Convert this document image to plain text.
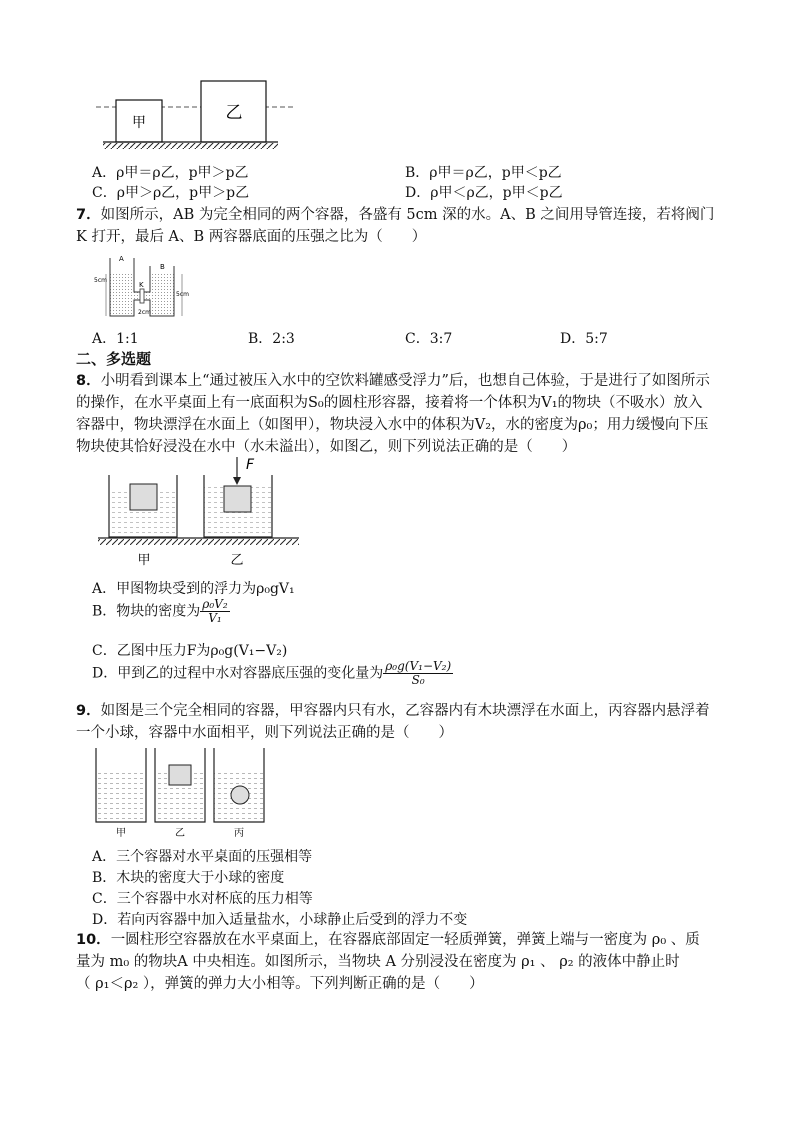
甲	乙
A．ρ甲＝ρ乙，p甲＞p乙	B．ρ甲＝ρ乙，p甲＜p乙
C．ρ甲＞ρ乙，p甲＞p乙	D．ρ甲＜ρ乙，p甲＜p乙
7．如图所示，AB 为完全相同的两个容器，各盛有 5cm 深的水。A、B 之间用导管连接，若将阀门 K 打开，最后 A、B 两容器底面的压强之比为（　　）
A
B
K
5cm
5cm
2cm
A．1:1	B．2:3	C．3:7	D．5:7
二、多选题
8．小明看到课本上“通过被压入水中的空饮料罐感受浮力”后，也想自己体验，于是进行了如图所示
的操作，在水平桌面上有一底面积为S₀的圆柱形容器，接着将一个体积为V₁的物块（不吸水）放入
容器中，物块漂浮在水面上（如图甲），物块浸入水中的体积为V₂，水的密度为ρ₀；用力缓慢向下压
物块使其恰好浸没在水中（水未溢出），如图乙，则下列说法正确的是（　　）
F
甲	乙
A．甲图物块受到的浮力为ρ₀gV₁
B．物块的密度为 $\frac{\text{ρ₀V₂}}{\text{V₁}}$
C．乙图中压力F为ρ₀g(V₁−V₂)
D．甲到乙的过程中水对容器底压强的变化量为 $\frac{\text{ρ₀g(V₁−V₂)}}{\text{S₀}}$
9．如图是三个完全相同的容器，甲容器内只有水，乙容器内有木块漂浮在水面上，丙容器内悬浮着
一个小球，容器中水面相平，则下列说法正确的是（　　）
甲	乙	丙
A．三个容器对水平桌面的压强相等
B．木块的密度大于小球的密度
C．三个容器中水对杯底的压力相等
D．若向丙容器中加入适量盐水，小球静止后受到的浮力不变
10．一圆柱形空容器放在水平桌面上，在容器底部固定一轻质弹簧，弹簧上端与一密度为 ρ₀ 、质
量为 m₀ 的物块A 中央相连。如图所示，当物块 A 分别浸没在密度为 ρ₁ 、 ρ₂ 的液体中静止时
（ ρ₁＜ρ₂ ），弹簧的弹力大小相等。下列判断正确的是（　　）
